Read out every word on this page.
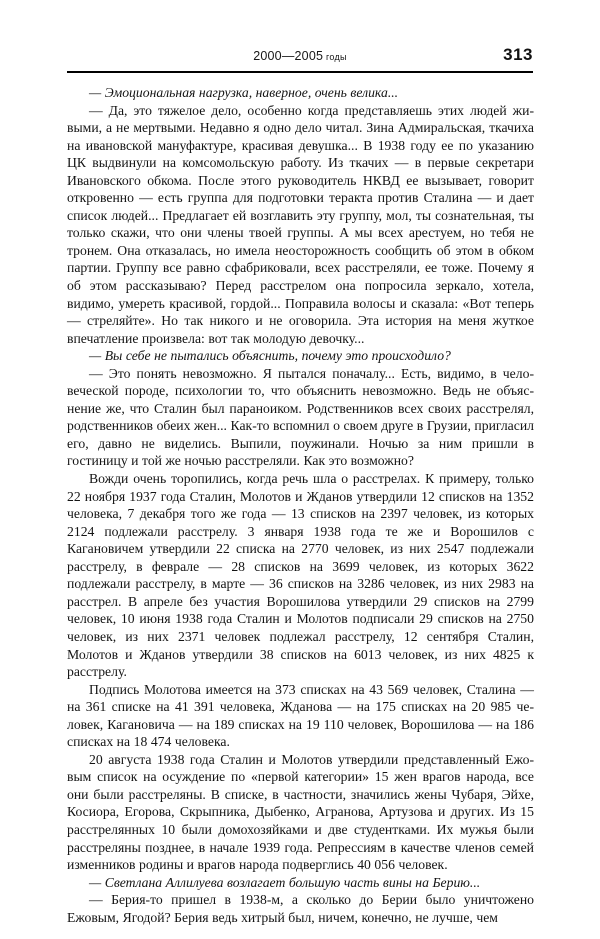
2000—2005 годы	313

— Эмоциональная нагрузка, наверное, очень велика...

— Да, это тяжелое дело, особенно когда представляешь этих людей живыми, а не мертвыми. Недавно я одно дело читал. Зина Адмиральская, ткачиха на ивановской мануфактуре, красивая девушка... В 1938 году ее по указанию ЦК выдвинули на комсомольскую работу. Из ткачих — в первые секретари Ивановского обкома. После этого руководитель НКВД ее вызывает, говорит откровенно — есть группа для подготовки теракта против Сталина — и дает список людей... Предлагает ей возглавить эту группу, мол, ты сознательная, ты только скажи, что они члены твоей группы. А мы всех арестуем, но тебя не тронем. Она отказалась, но имела неосторожность сообщить об этом в обком партии. Группу все равно сфабриковали, всех расстреляли, ее тоже. Почему я об этом рассказываю? Перед расстрелом она попросила зеркало, хотела, видимо, умереть красивой, гордой... Поправила волосы и сказала: «Вот теперь — стреляйте». Но так никого и не оговорила. Эта история на меня жуткое впечатление произвела: вот так молодую девочку...

— Вы себе не пытались объяснить, почему это происходило?

— Это понять невозможно. Я пытался поначалу... Есть, видимо, в человеческой породе, психологии то, что объяснить невозможно. Ведь не объяснение же, что Сталин был параноиком. Родственников всех своих расстрелял, родственников обеих жен... Как-то вспомнил о своем друге в Грузии, пригласил его, давно не виделись. Выпили, поужинали. Ночью за ним пришли в гостиницу и той же ночью расстреляли. Как это возможно?

Вожди очень торопились, когда речь шла о расстрелах. К примеру, только 22 ноября 1937 года Сталин, Молотов и Жданов утвердили 12 списков на 1352 человека, 7 декабря того же года — 13 списков на 2397 человек, из которых 2124 подлежали расстрелу. 3 января 1938 года те же и Ворошилов с Кагановичем утвердили 22 списка на 2770 человек, из них 2547 подлежали расстрелу, в феврале — 28 списков на 3699 человек, из которых 3622 подлежали расстрелу, в марте — 36 списков на 3286 человек, из них 2983 на расстрел. В апреле без участия Ворошилова утвердили 29 списков на 2799 человек, 10 июня 1938 года Сталин и Молотов подписали 29 списков на 2750 человек, из них 2371 человек подлежал расстрелу, 12 сентября Сталин, Молотов и Жданов утвердили 38 списков на 6013 человек, из них 4825 к расстрелу.

Подпись Молотова имеется на 373 списках на 43 569 человек, Сталина — на 361 списке на 41 391 человека, Жданова — на 175 списках на 20 985 человек, Кагановича — на 189 списках на 19 110 человек, Ворошилова — на 186 списках на 18 474 человека.

20 августа 1938 года Сталин и Молотов утвердили представленный Ежовым список на осуждение по «первой категории» 15 жен врагов народа, все они были расстреляны. В списке, в частности, значились жены Чубаря, Эйхе, Косиора, Егорова, Скрыпника, Дыбенко, Агранова, Артузова и других. Из 15 расстрелянных 10 были домохозяйками и две студентками. Их мужья были расстреляны позднее, в начале 1939 года. Репрессиям в качестве членов семей изменников родины и врагов народа подверглись 40 056 человек.

— Светлана Аллилуева возлагает большую часть вины на Берию...

— Берия-то пришел в 1938-м, а сколько до Берии было уничтожено Ежовым, Ягодой? Берия ведь хитрый был, ничем, конечно, не лучше, чем
